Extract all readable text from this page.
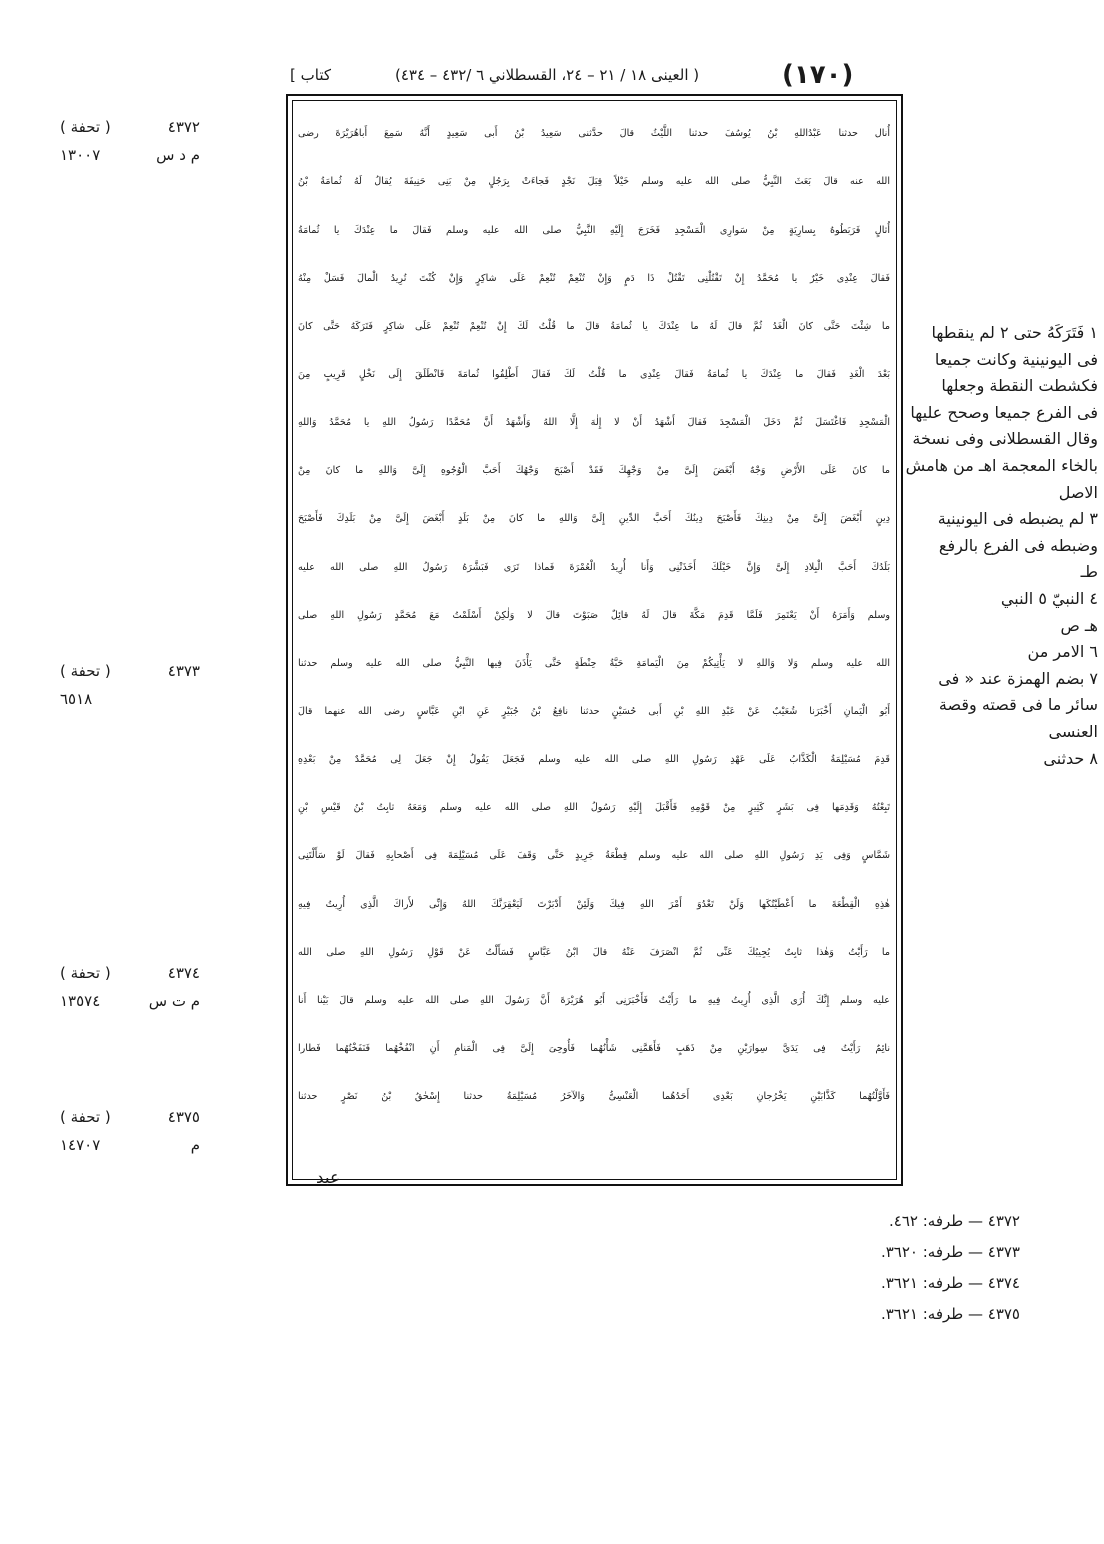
[ كتاب	( العينى ١٨ / ٢١ – ٢٤، القسطلاني ٦ /٤٣٢ – ٤٣٤)	(١٧٠)
٤٣٧٢
( تحفة )
م د س
١٣٠٠٧
٤٣٧٣
( تحفة )
٦٥١٨
٤٣٧٤
( تحفة )
م ت س
١٣٥٧٤
٤٣٧٥
( تحفة )
م
١٤٧٠٧
أُنال حدثنا عَبْدُاللهِ بْنُ يُوسُفَ حدثنا اللَّيْثُ قالَ حدَّثنى سَعِيدُ بْنُ أَبى سَعِيدٍ أَنَّهُ سَمِعَ أَباهُرَيْرَةَ رضى
الله عنه قالَ بَعَثَ النَّبِيُّ صلى الله عليه وسلم خَيْلاً قِبَلَ نَجْدٍ فَجاءَتْ بِرَجُلٍ مِنْ بَنِى حَنِيفَةَ يُقالُ لَهُ ثُمامَةُ بْنُ
أُثالٍ فَرَبَطُوهُ بِسارِيَةٍ مِنْ سَوارِى الْمَسْجِدِ فَخَرَجَ إِلَيْهِ النَّبِيُّ صلى الله عليه وسلم فَقالَ ما عِنْدَكَ يا ثُمامَةُ
فَقالَ عِنْدِى خَيْرٌ يا مُحَمَّدُ إِنْ تَقْتُلْنِى تَقْتُلْ ذَا دَمٍ وَإِنْ تُنْعِمْ تُنْعِمْ عَلَى شاكِرٍ وَإِنْ كُنْتَ تُرِيدُ الْمالَ فَسَلْ مِنْهُ
ما شِئْتَ حَتَّى كانَ الْغَدُ ثُمَّ قالَ لَهُ ما عِنْدَكَ يا ثُمامَةُ قالَ ما قُلْتُ لَكَ إِنْ تُنْعِمْ تُنْعِمْ عَلَى شاكِرٍ فَتَرَكَهُ حَتَّى كانَ
بَعْدَ الْغَدِ فَقالَ ما عِنْدَكَ يا ثُمامَةُ فَقالَ عِنْدِى ما قُلْتُ لَكَ فَقالَ أَطْلِقُوا ثُمامَةَ فَانْطَلَقَ إِلَى نَخْلٍ قَرِيبٍ مِنَ
الْمَسْجِدِ فَاغْتَسَلَ ثُمَّ دَخَلَ الْمَسْجِدَ فَقالَ أَشْهَدُ أَنْ لا إِلٰهَ إِلَّا اللهُ وَأَشْهَدُ أَنَّ مُحَمَّدًا رَسُولُ اللهِ يا مُحَمَّدُ وَاللهِ
ما كانَ عَلَى الأَرْضِ وَجْهٌ أَبْغَضَ إِلَىَّ مِنْ وَجْهِكَ فَقَدْ أَصْبَحَ وَجْهُكَ أَحَبَّ الْوُجُوهِ إِلَىَّ وَاللهِ ما كانَ مِنْ
دِينٍ أَبْغَضَ إِلَىَّ مِنْ دِينِكَ فَأَصْبَحَ دِينُكَ أَحَبَّ الدِّينِ إِلَىَّ وَاللهِ ما كانَ مِنْ بَلَدٍ أَبْغَضَ إِلَىَّ مِنْ بَلَدِكَ فَأَصْبَحَ
بَلَدُكَ أَحَبَّ الْبِلادِ إِلَىَّ وَإِنَّ خَيْلَكَ أَخَذَتْنِى وَأَنا أُرِيدُ الْعُمْرَةَ فَماذا تَرَى فَبَشَّرَهُ رَسُولُ اللهِ صلى الله عليه
وسلم وَأَمَرَهُ أَنْ يَعْتَمِرَ فَلَمَّا قَدِمَ مَكَّةَ قالَ لَهُ قائِلٌ صَبَوْتَ قالَ لا وَلٰكِنْ أَسْلَمْتُ مَعَ مُحَمَّدٍ رَسُولِ اللهِ صلى
الله عليه وسلم وَلا وَاللهِ لا يَأْتِيكُمْ مِنَ الْيَمامَةِ حَبَّةُ حِنْطَةٍ حَتَّى يَأْذَنَ فِيها النَّبِيُّ صلى الله عليه وسلم حدثنا
أَبُو الْيَمانِ أَخْبَرَنا شُعَيْبٌ عَنْ عَبْدِ اللهِ بْنِ أَبى حُسَيْنٍ حدثنا نافِعُ بْنُ جُبَيْرٍ عَنِ ابْنِ عَبَّاسٍ رضى الله عنهما قالَ
قَدِمَ مُسَيْلِمَةُ الْكَذَّابُ عَلَى عَهْدِ رَسُولِ اللهِ صلى الله عليه وسلم فَجَعَلَ يَقُولُ إِنْ جَعَلَ لِى مُحَمَّدٌ مِنْ بَعْدِهِ
تَبِعْتُهُ وَقَدِمَها فِى بَشَرٍ كَثِيرٍ مِنْ قَوْمِهِ فَأَقْبَلَ إِلَيْهِ رَسُولُ اللهِ صلى الله عليه وسلم وَمَعَهُ ثابِتُ بْنُ قَيْسِ بْنِ
شَمَّاسٍ وَفِى يَدِ رَسُولِ اللهِ صلى الله عليه وسلم قِطْعَةُ جَرِيدٍ حَتَّى وَقَفَ عَلَى مُسَيْلِمَةَ فِى أَصْحابِهِ فَقالَ لَوْ سَأَلْتَنِى
هٰذِهِ الْقِطْعَةَ ما أَعْطَيْتُكَها وَلَنْ تَعْدُوَ أَمْرَ اللهِ فِيكَ وَلَئِنْ أَدْبَرْتَ لَيَعْقِرَنَّكَ اللهُ وَإِنِّى لأَراكَ الَّذِى أُرِيتُ فِيهِ
ما رَأَيْتُ وَهٰذا ثابِتٌ يُجِيبُكَ عَنِّى ثُمَّ انْصَرَفَ عَنْهُ قالَ ابْنُ عَبَّاسٍ فَسَأَلْتُ عَنْ قَوْلِ رَسُولِ اللهِ صلى الله
عليه وسلم إِنَّكَ أُرَى الَّذِى أُرِيتُ فِيهِ ما رَأَيْتُ فَأَخْبَرَنِى أَبُو هُرَيْرَةَ أَنَّ رَسُولَ اللهِ صلى الله عليه وسلم قالَ بَيْنا أَنا
نائِمٌ رَأَيْتُ فِى يَدَىَّ سِوارَيْنِ مِنْ ذَهَبٍ فَأَهَمَّنِى شَأْنُهُما فَأُوحِىَ إِلَىَّ فِى الْمَنامِ أَنِ انْفُخْهُما فَنَفَخْتُهُما فَطارا
فَأَوَّلْتُهُما كَذَّابَيْنِ يَخْرُجانِ بَعْدِى أَحَدُهُما الْعَنْسِىُّ وَالآخَرُ مُسَيْلِمَةُ حدثنا إِسْحٰقُ بْنُ نَصْرٍ حدثنا
عبد
١ فَتَرَكَهُ حتى ٢ لم ينقطها
فى اليونينية وكانت جميعا
فكشطت النقطة وجعلها
فى الفرع جميعا وصحح عليها
وقال القسطلانى وفى نسخة
بالخاء المعجمة اهـ من هامش
الاصل
٣ لم يضبطه فى اليونينية
وضبطه فى الفرع بالرفع
طـ
٤ النبيّ ٥ النبي
هـ ص
٦ الامر من
٧ بضم الهمزة عند « فى
سائر ما فى قصته وقصة
العنسى
٨ حدثنى
٤٣٧٢ — طرفه: ٤٦٢.
٤٣٧٣ — طرفه: ٣٦٢٠.
٤٣٧٤ — طرفه: ٣٦٢١.
٤٣٧٥ — طرفه: ٣٦٢١.
